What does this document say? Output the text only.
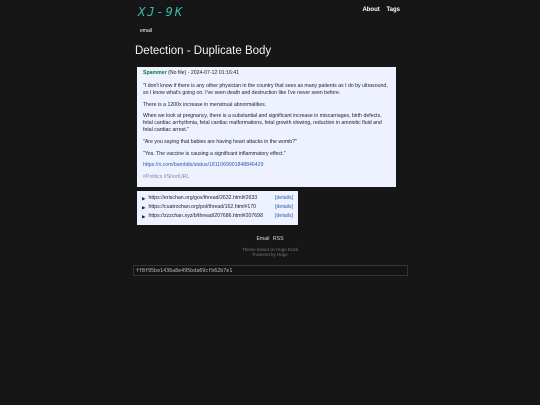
XJ-9K	About Tags
email
Detection - Duplicate Body

Spammer (No file) - 2024-07-12 01:16:41

"I don't know if there is any other physician in the country that sees as many patients as I do by ultrasound, so I know what's going on. I've seen death and destruction like I've never seen before.

There is a 1200x increase in menstrual abnormalities.

When we look at pregnancy, there is a substantial and significant increase in miscarriages, birth defects, fetal cardiac arrhythmia, fetal cardiac malformations, fetal growth slowing, reduction in amniotic fluid and fetal cardiac arrest."

"Are you saying that babies are having heart attacks in the womb?"

"Yes. The vaccine is causing a significant inflammatory effect."

https://x.com/bambkb/status/1811069901848846429

#Politics #ShortURL

▶ https://erischan.org/gov/thread/2632.html#2633	[details]
▶ https://cuatrochan.org/pol/thread/162.html#170	[details]
▶ https://zzzchan.xyz/b/thread/207686.html#207698	[details]
Email RSS
Theme based on Hugo Dusk
Powered by Hugo
ff8f95be1436a8e495bda69cfb62b7e1
